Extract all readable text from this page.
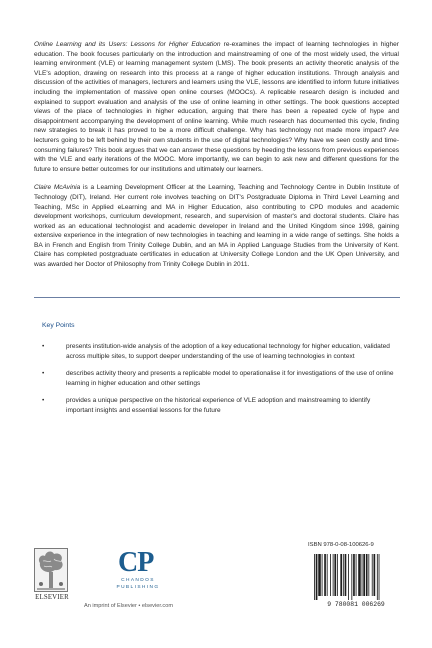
Online Learning and its Users: Lessons for Higher Education re-examines the impact of learning technologies in higher education. The book focuses particularly on the introduction and mainstreaming of one of the most widely used, the virtual learning environment (VLE) or learning management system (LMS). The book presents an activity theoretic analysis of the VLE's adoption, drawing on research into this process at a range of higher education institutions. Through analysis and discussion of the activities of managers, lecturers and learners using the VLE, lessons are identified to inform future initiatives including the implementation of massive open online courses (MOOCs). A replicable research design is included and explained to support evaluation and analysis of the use of online learning in other settings. The book questions accepted views of the place of technologies in higher education, arguing that there has been a repeated cycle of hype and disappointment accompanying the development of online learning. While much research has documented this cycle, finding new strategies to break it has proved to be a more difficult challenge. Why has technology not made more impact? Are lecturers going to be left behind by their own students in the use of digital technologies? Why have we seen costly and time-consuming failures? This book argues that we can answer these questions by heeding the lessons from previous experiences with the VLE and early iterations of the MOOC. More importantly, we can begin to ask new and different questions for the future to ensure better outcomes for our institutions and ultimately our learners.

Claire McAvinia is a Learning Development Officer at the Learning, Teaching and Technology Centre in Dublin Institute of Technology (DIT), Ireland. Her current role involves teaching on DIT's Postgraduate Diploma in Third Level Learning and Teaching, MSc in Applied eLearning and MA in Higher Education, also contributing to CPD modules and academic development workshops, curriculum development, research, and supervision of master's and doctoral students. Claire has worked as an educational technologist and academic developer in Ireland and the United Kingdom since 1998, gaining extensive experience in the integration of new technologies in teaching and learning in a wide range of settings. She holds a BA in French and English from Trinity College Dublin, and an MA in Applied Language Studies from the University of Kent. Claire has completed postgraduate certificates in education at University College London and the UK Open University, and was awarded her Doctor of Philosophy from Trinity College Dublin in 2011.

Key Points

•	presents institution-wide analysis of the adoption of a key educational technology for higher education, validated across multiple sites, to support deeper understanding of the use of learning technologies in context
•	describes activity theory and presents a replicable model to operationalise it for investigations of the use of online learning in higher education and other settings
•	provides a unique perspective on the historical experience of VLE adoption and mainstreaming to identify important insights and essential lessons for the future
ELSEVIER
CP
CHANDOS
PUBLISHING
An imprint of Elsevier • elsevier.com
ISBN 978-0-08-100626-9
9 780081 006269
